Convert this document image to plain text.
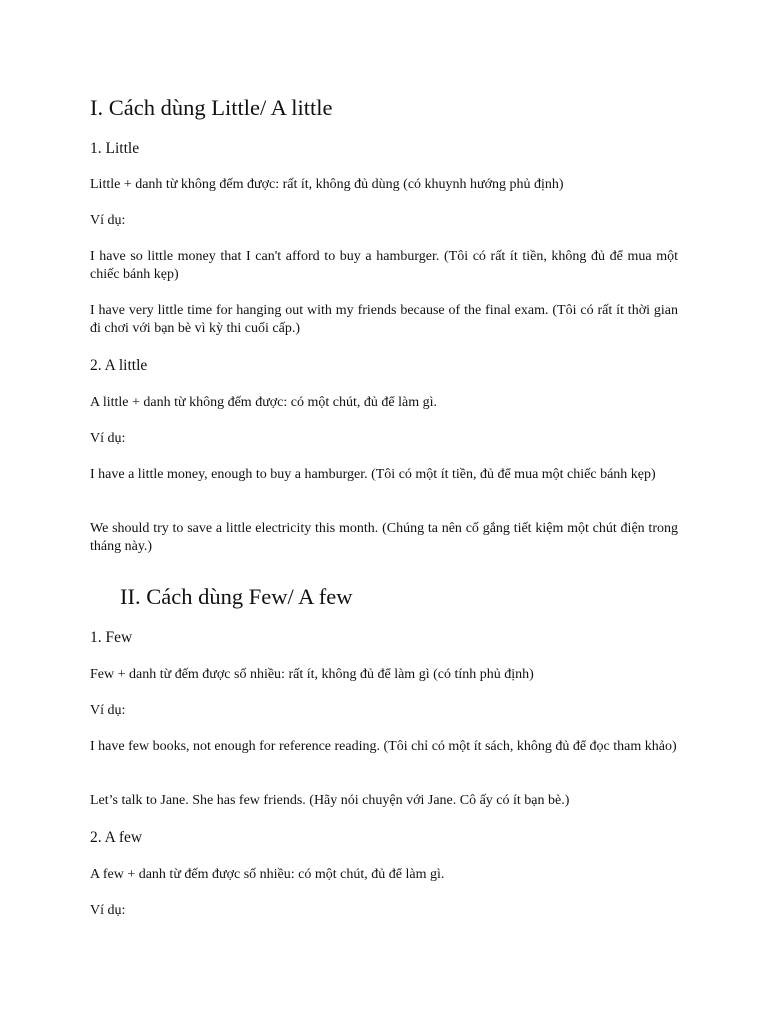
I. Cách dùng Little/ A little
1. Little
Little + danh từ không đếm được: rất ít, không đủ dùng (có khuynh hướng phủ định)
Ví dụ:
I have so little money that I can't afford to buy a hamburger. (Tôi có rất ít tiền, không đủ để mua một chiếc bánh kẹp)
I have very little time for hanging out with my friends because of the final exam. (Tôi có rất ít thời gian đi chơi với bạn bè vì kỳ thi cuối cấp.)
2. A little
A little + danh từ không đếm được: có một chút, đủ để làm gì.
Ví dụ:
I have a little money, enough to buy a hamburger. (Tôi có một ít tiền, đủ để mua một chiếc bánh kẹp)
We should try to save a little electricity this month. (Chúng ta nên cố gắng tiết kiệm một chút điện trong tháng này.)
II. Cách dùng Few/ A few
1. Few
Few + danh từ đếm được số nhiều: rất ít, không đủ để làm gì (có tính phủ định)
Ví dụ:
I have few books, not enough for reference reading. (Tôi chỉ có một ít sách, không đủ để đọc tham khảo)
Let’s talk to Jane. She has few friends. (Hãy nói chuyện với Jane. Cô ấy có ít bạn bè.)
2. A few
A few + danh từ đếm được số nhiều: có một chút, đủ để làm gì.
Ví dụ:
